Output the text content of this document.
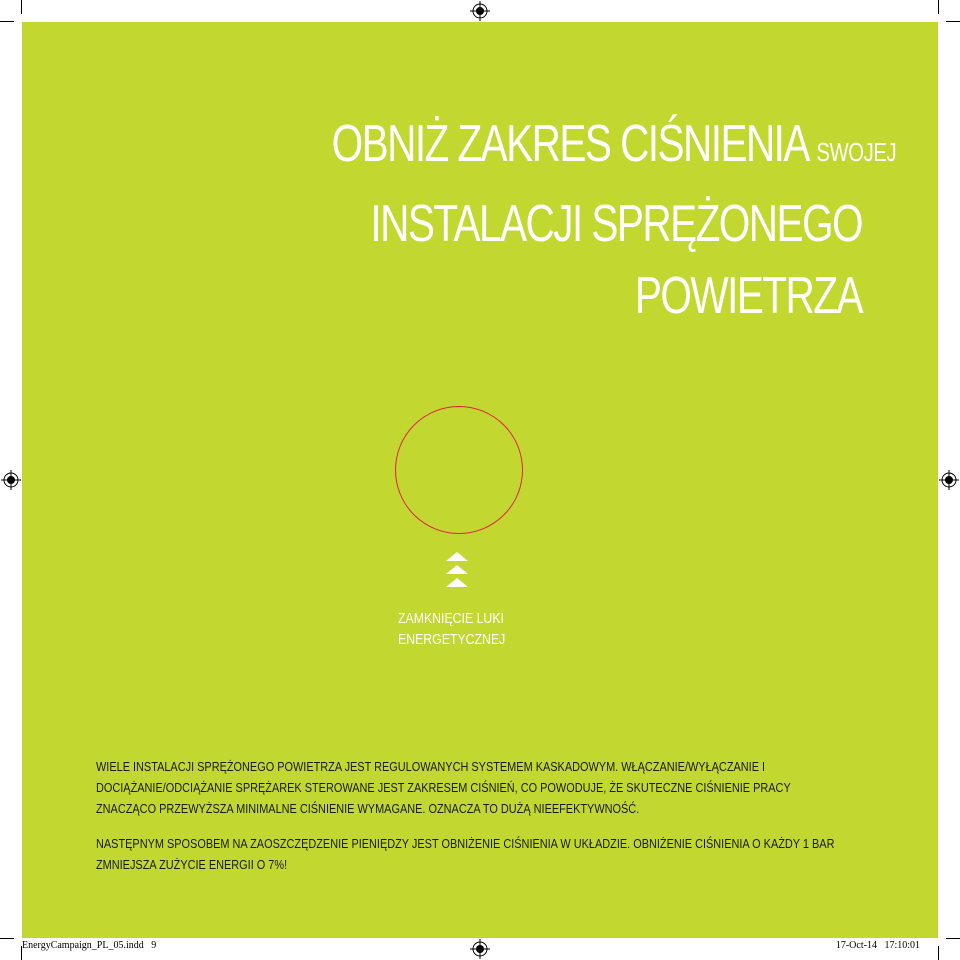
OBNIŻ ZAKRES CIŚNIENIA SWOJEJ
INSTALACJI SPRĘŻONEGO
POWIETRZA
ZAMKNIĘCIE LUKI
ENERGETYCZNEJ

WIELE INSTALACJI SPRĘŻONEGO POWIETRZA JEST REGULOWANYCH SYSTEMEM KASKADOWYM. WŁĄCZANIE/WYŁĄCZANIE I DOCIĄŻANIE/ODCIĄŻANIE SPRĘŻAREK STEROWANE JEST ZAKRESEM CIŚNIEŃ, CO POWODUJE, ŻE SKUTECZNE CIŚNIENIE PRACY ZNACZĄCO PRZEWYŻSZA MINIMALNE CIŚNIENIE WYMAGANE. OZNACZA TO DUŻĄ NIEEFEKTYWNOŚĆ.

NASTĘPNYM SPOSOBEM NA ZAOSZCZĘDZENIE PIENIĘDZY JEST OBNIŻENIE CIŚNIENIA W UKŁADZIE. OBNIŻENIE CIŚNIENIA O KAŻDY 1 BAR ZMNIEJSZA ZUŻYCIE ENERGII O 7%!

EnergyCampaign_PL_05.indd   9	17-Oct-14   17:10:01
